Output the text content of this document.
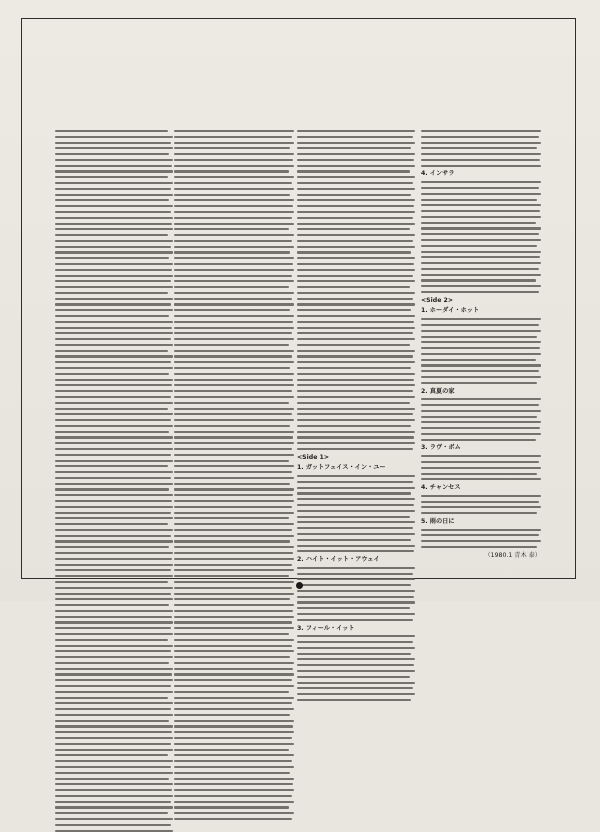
<Side 1>
1. ガットフェイス・イン・ユー
2. ハイト・イット・アウェイ
3. フィール・イット
4. インサラ
<Side 2>
1. ホーダイ・ホット
2. 真夏の家
3. ラヴ・ボム
4. チャンセス
5. 雨の日に
（1980.1 青木 泰）
